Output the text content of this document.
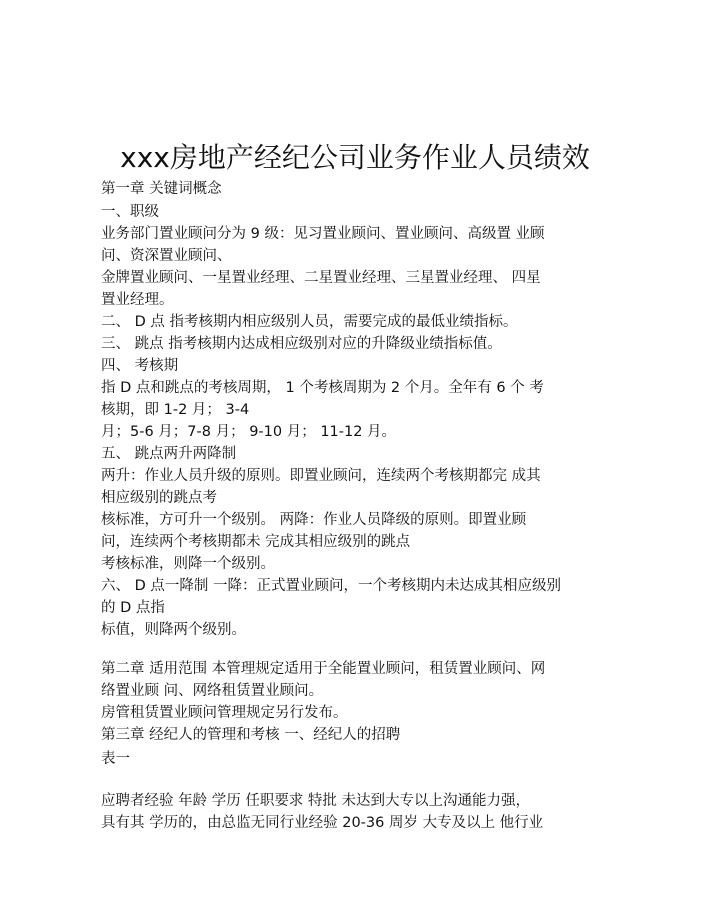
xxx房地产经纪公司业务作业人员绩效
第一章 关键词概念
一、职级
业务部门置业顾问分为 9 级：见习置业顾问、置业顾问、高级置 业顾
问、资深置业顾问、
金牌置业顾问、一星置业经理、二星置业经理、三星置业经理、 四星
置业经理。
二、 D 点 指考核期内相应级别人员，需要完成的最低业绩指标。
三、 跳点 指考核期内达成相应级别对应的升降级业绩指标值。
四、 考核期
指 D 点和跳点的考核周期， 1 个考核周期为 2 个月。全年有 6 个 考
核期，即 1-2 月； 3-4
月；5-6 月；7-8 月； 9-10 月； 11-12 月。
五、 跳点两升两降制
两升：作业人员升级的原则。即置业顾问，连续两个考核期都完 成其
相应级别的跳点考
核标准，方可升一个级别。 两降：作业人员降级的原则。即置业顾
问，连续两个考核期都未 完成其相应级别的跳点
考核标准，则降一个级别。
六、 D 点一降制 一降：正式置业顾问，一个考核期内未达成其相应级别
的 D 点指
标值，则降两个级别。
第二章 适用范围 本管理规定适用于全能置业顾问，租赁置业顾问、网
络置业顾 问、网络租赁置业顾问。
房管租赁置业顾问管理规定另行发布。
第三章 经纪人的管理和考核 一、经纪人的招聘
表一
应聘者经验 年龄 学历 任职要求 特批 未达到大专以上沟通能力强，
具有其 学历的，由总监无同行业经验 20-36 周岁 大专及以上 他行业
